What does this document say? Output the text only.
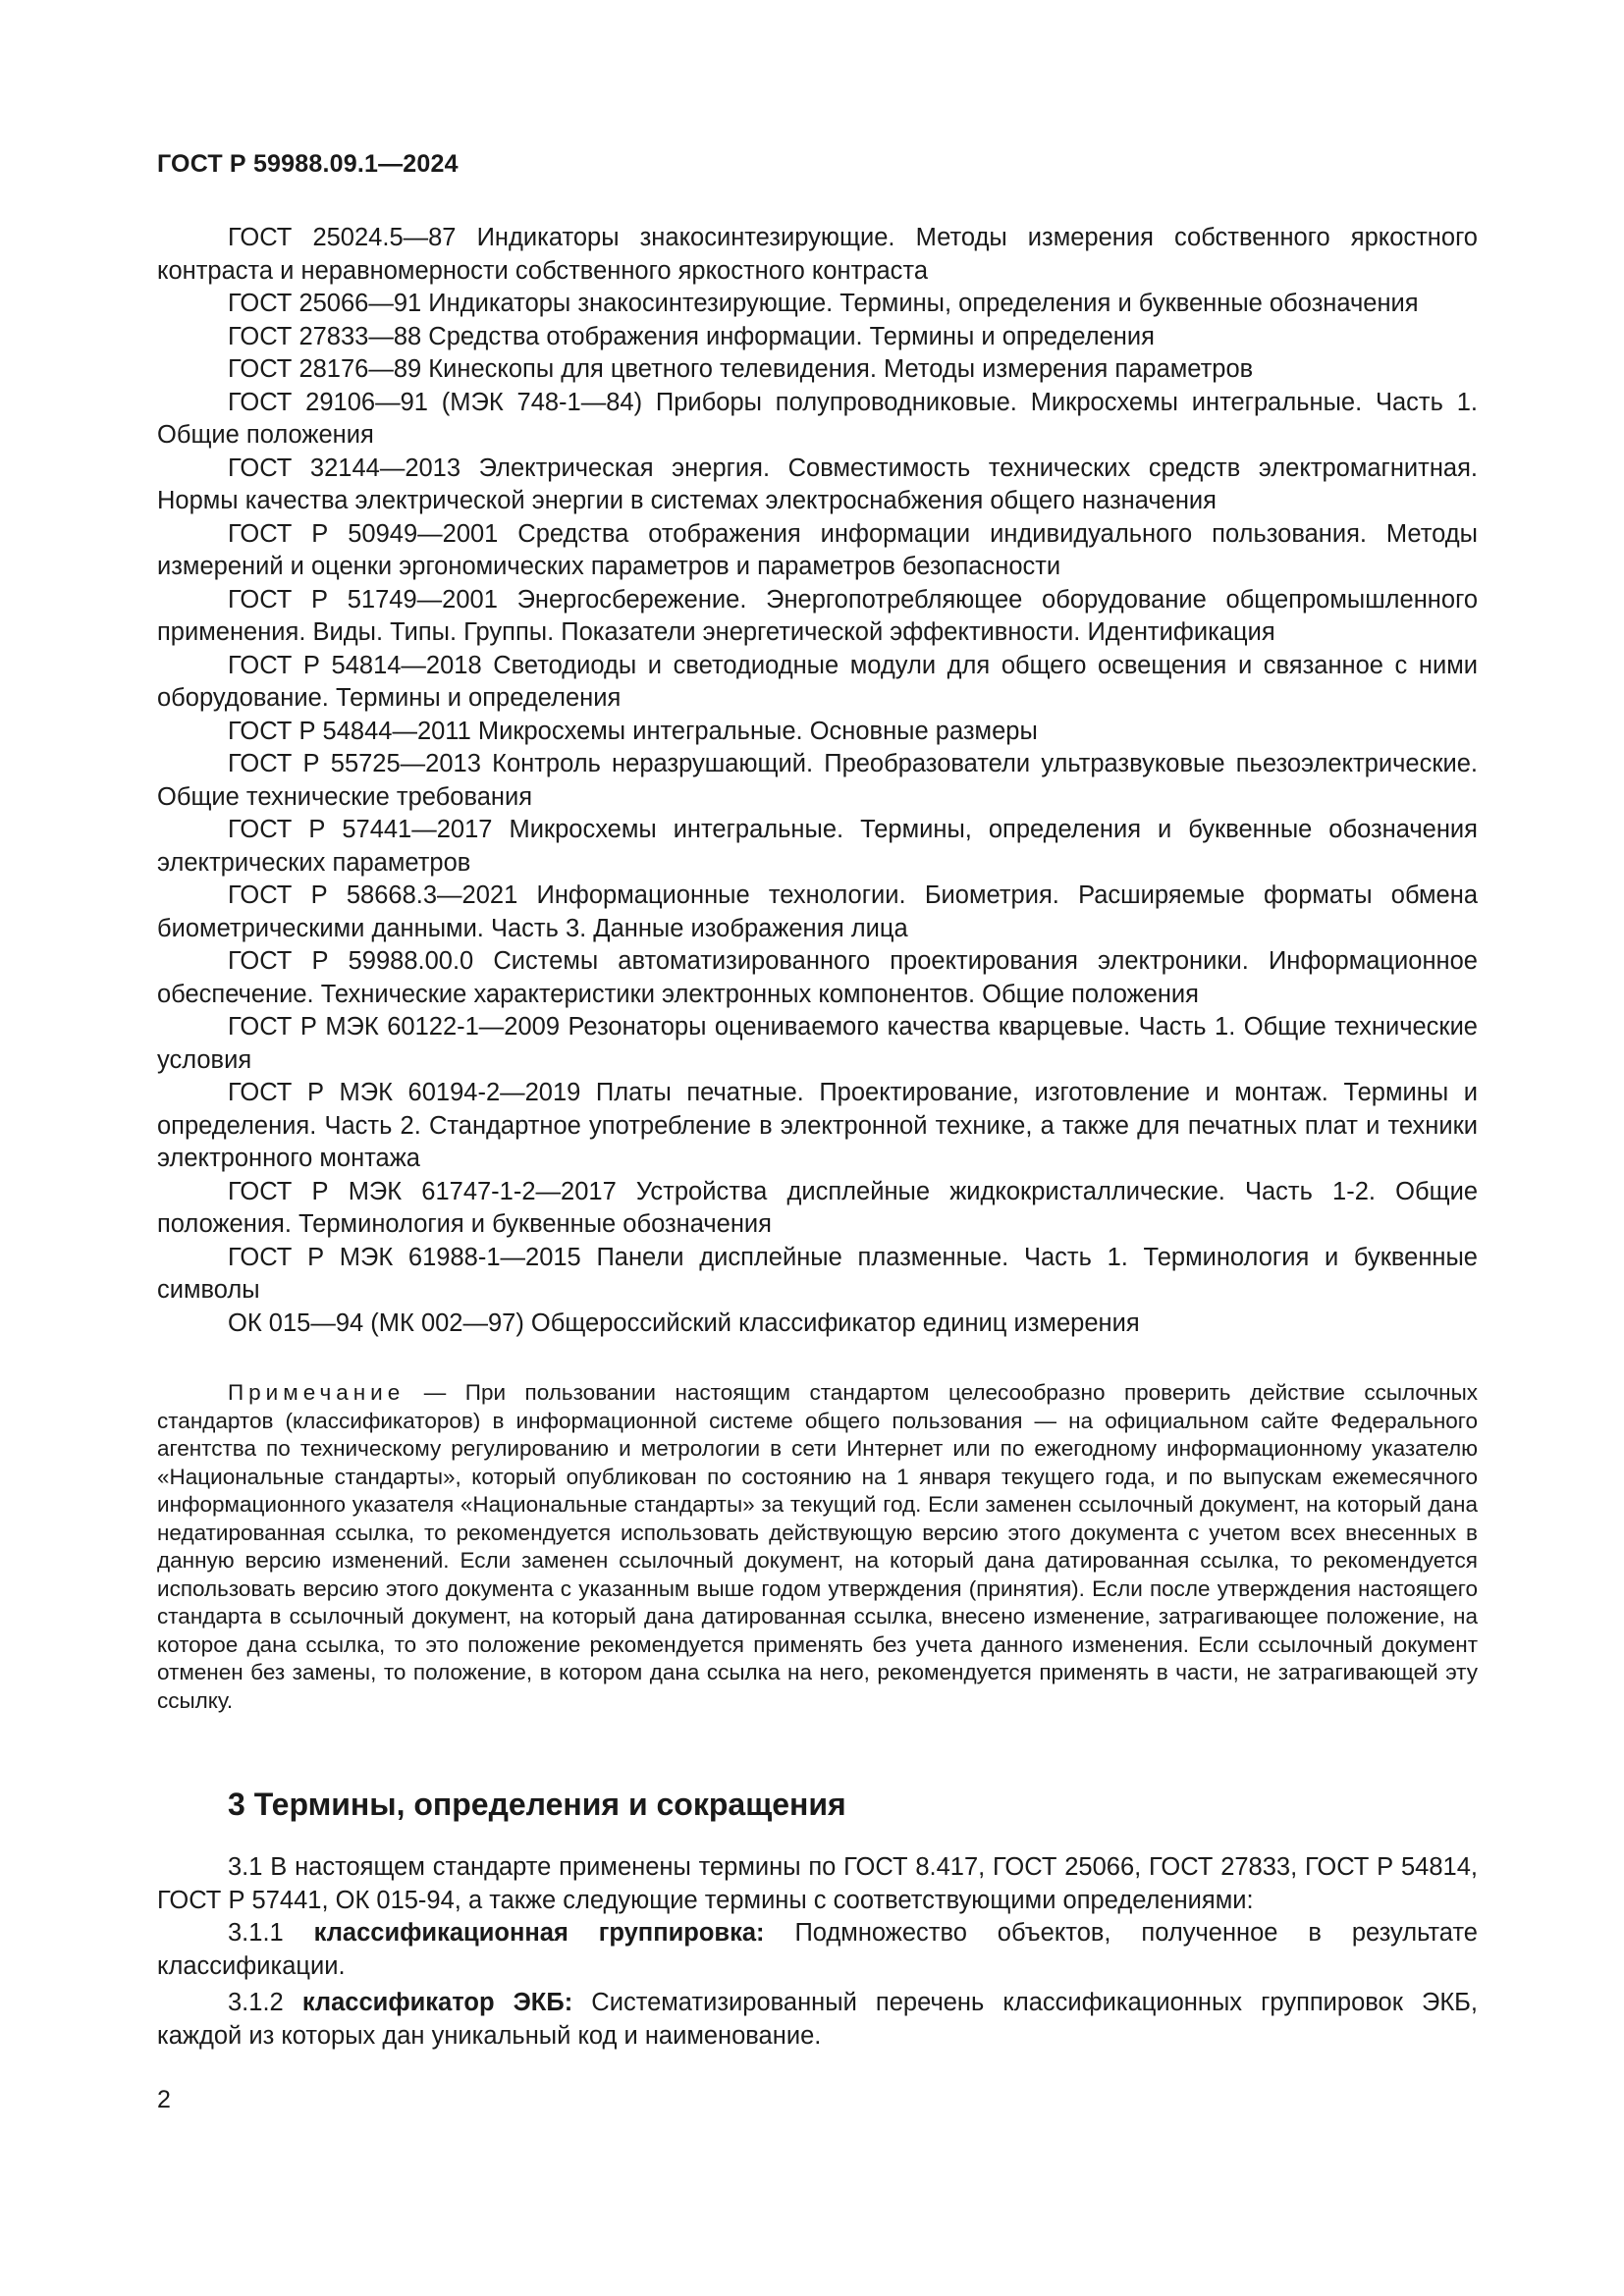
ГОСТ Р 59988.09.1—2024

ГОСТ 25024.5—87 Индикаторы знакосинтезирующие. Методы измерения собственного яркостного контраста и неравномерности собственного яркостного контраста

ГОСТ 25066—91 Индикаторы знакосинтезирующие. Термины, определения и буквенные обозначения

ГОСТ 27833—88 Средства отображения информации. Термины и определения

ГОСТ 28176—89 Кинескопы для цветного телевидения. Методы измерения параметров

ГОСТ 29106—91 (МЭК 748-1—84) Приборы полупроводниковые. Микросхемы интегральные. Часть 1. Общие положения

ГОСТ 32144—2013 Электрическая энергия. Совместимость технических средств электромагнитная. Нормы качества электрической энергии в системах электроснабжения общего назначения

ГОСТ Р 50949—2001 Средства отображения информации индивидуального пользования. Методы измерений и оценки эргономических параметров и параметров безопасности

ГОСТ Р 51749—2001 Энергосбережение. Энергопотребляющее оборудование общепромышленного применения. Виды. Типы. Группы. Показатели энергетической эффективности. Идентификация

ГОСТ Р 54814—2018 Светодиоды и светодиодные модули для общего освещения и связанное с ними оборудование. Термины и определения

ГОСТ Р 54844—2011 Микросхемы интегральные. Основные размеры

ГОСТ Р 55725—2013 Контроль неразрушающий. Преобразователи ультразвуковые пьезоэлектрические. Общие технические требования

ГОСТ Р 57441—2017 Микросхемы интегральные. Термины, определения и буквенные обозначения электрических параметров

ГОСТ Р 58668.3—2021 Информационные технологии. Биометрия. Расширяемые форматы обмена биометрическими данными. Часть 3. Данные изображения лица

ГОСТ Р 59988.00.0 Системы автоматизированного проектирования электроники. Информационное обеспечение. Технические характеристики электронных компонентов. Общие положения

ГОСТ Р МЭК 60122-1—2009 Резонаторы оцениваемого качества кварцевые. Часть 1. Общие технические условия

ГОСТ Р МЭК 60194-2—2019 Платы печатные. Проектирование, изготовление и монтаж. Термины и определения. Часть 2. Стандартное употребление в электронной технике, а также для печатных плат и техники электронного монтажа

ГОСТ Р МЭК 61747-1-2—2017 Устройства дисплейные жидкокристаллические. Часть 1-2. Общие положения. Терминология и буквенные обозначения

ГОСТ Р МЭК 61988-1—2015 Панели дисплейные плазменные. Часть 1. Терминология и буквенные символы

ОК 015—94 (МК 002—97) Общероссийский классификатор единиц измерения

Примечание — При пользовании настоящим стандартом целесообразно проверить действие ссылочных стандартов (классификаторов) в информационной системе общего пользования — на официальном сайте Федерального агентства по техническому регулированию и метрологии в сети Интернет или по ежегодному информационному указателю «Национальные стандарты», который опубликован по состоянию на 1 января текущего года, и по выпускам ежемесячного информационного указателя «Национальные стандарты» за текущий год. Если заменен ссылочный документ, на который дана недатированная ссылка, то рекомендуется использовать действующую версию этого документа с учетом всех внесенных в данную версию изменений. Если заменен ссылочный документ, на который дана датированная ссылка, то рекомендуется использовать версию этого документа с указанным выше годом утверждения (принятия). Если после утверждения настоящего стандарта в ссылочный документ, на который дана датированная ссылка, внесено изменение, затрагивающее положение, на которое дана ссылка, то это положение рекомендуется применять без учета данного изменения. Если ссылочный документ отменен без замены, то положение, в котором дана ссылка на него, рекомендуется применять в части, не затрагивающей эту ссылку.

3 Термины, определения и сокращения

3.1 В настоящем стандарте применены термины по ГОСТ 8.417, ГОСТ 25066, ГОСТ 27833, ГОСТ Р 54814, ГОСТ Р 57441, ОК 015-94, а также следующие термины с соответствующими определениями:

3.1.1 классификационная группировка: Подмножество объектов, полученное в результате классификации.

3.1.2 классификатор ЭКБ: Систематизированный перечень классификационных группировок ЭКБ, каждой из которых дан уникальный код и наименование.

2
